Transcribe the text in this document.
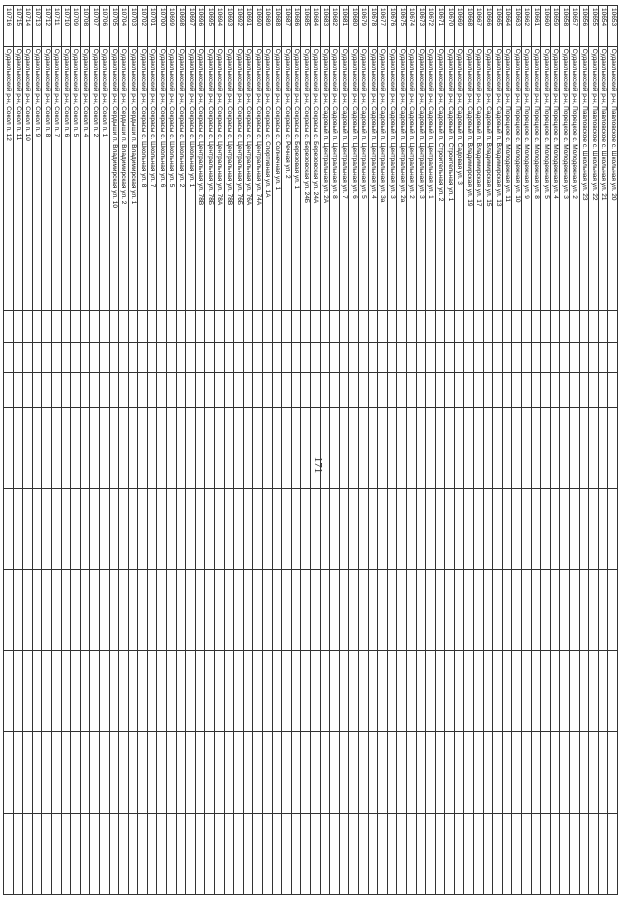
171
10653	Судаклыкский р-н, Павловское с. Школьная ул. 20									
10654	Судаклыкский р-н, Павловское с. Школьная ул. 21									
10655	Судаклыкский р-н, Павловское с. Школьная ул. 22									
10656	Судаклыкский р-н, Павловское с. Школьная ул. 23									
10657	Судаклыкский р-н, Порецкое с. Молодежная ул. 2									
10658	Судаклыкский р-н, Порецкое с. Молодежная ул. 3									
10659	Судаклыкский р-н, Порецкое с. Молодежная ул. 4									
10660	Судаклыкский р-н, Порецкое с. Молодежная ул. 5									
10661	Судаклыкский р-н, Порецкое с. Молодежная ул. 8									
10662	Судаклыкский р-н, Порецкое с. Молодежная ул. 9									
10663	Судаклыкский р-н, Порецкое с. Молодежная ул. 10									
10664	Судаклыкский р-н, Порецкое с. Молодежная ул. 11									
10665	Судаклыкский р-н, Садовый п. Владимирская ул. 13									
10666	Судаклыкский р-н, Садовый п. Владимирская ул. 15									
10667	Судаклыкский р-н, Садовый п. Владимирская ул. 17									
10668	Судаклыкский р-н, Садовый п. Владимирская ул. 19									
10669	Судаклыкский р-н, Садовый п. Садовая ул. 3									
10670	Судаклыкский р-н, Садовый п. Строительная ул. 1									
10671	Судаклыкский р-н, Садовый п. Строительная ул. 2									
10672	Судаклыкский р-н, Садовый п. Центральная ул. 1									
10673	Судаклыкский р-н, Садовый п. Центральная ул. 3									
10674	Судаклыкский р-н, Садовый п. Центральная ул. 2									
10675	Судаклыкский р-н, Садовый п. Центральная ул. 2а									
10676	Судаклыкский р-н, Садовый п. Центральная ул. 3									
10677	Судаклыкский р-н, Садовый п. Центральная ул. 3а									
10678	Судаклыкский р-н, Садовый п. Центральная ул. 4									
10679	Судаклыкский р-н, Садовый п. Центральная ул. 5									
10680	Судаклыкский р-н, Садовый п. Центральная ул. 6									
10681	Судаклыкский р-н, Садовый п. Центральная ул. 7									
10682	Судаклыкский р-н, Садовый п. Центральная ул. 8									
10683	Судаклыкский р-н, Садовый п. Центральная ул. 2А									
10684	Судаклыкский р-н, Сокрасы с. Березовская ул. 24А									
10685	Судаклыкский р-н, Сокрасы с. Березовская ул. 24Б									
10686	Судаклыкский р-н, Сокрасы с. Березовая ул. 1									
10687	Судаклыкский р-н, Сокрасы с. Речная ул. 2									
10688	Судаклыкский р-н, Сокрасы с. Солнечная ул. 1									
10689	Судаклыкский р-н, Сокрасы с. Спортивная ул. 1А									
10690	Судаклыкский р-н, Сокрасы с. Центральная ул. 74А									
10691	Судаклыкский р-н, Сокрасы с. Центральная ул. 76А									
10692	Судаклыкский р-н, Сокрасы с. Центральная ул. 76Б									
10693	Судаклыкский р-н, Сокрасы с. Центральная ул. 78В									
10694	Судаклыкский р-н, Сокрасы с. Центральная ул. 78А									
10695	Судаклыкский р-н, Сокрасы с. Центральная ул. 78Б									
10696	Судаклыкский р-н, Сокрасы с. Центральная ул. 78В									
10697	Судаклыкский р-н, Сокрасы с. Школьная ул. 1									
10698	Судаклыкский р-н, Сокрасы с. Школьная ул. 2									
10699	Судаклыкский р-н, Сокрасы с. Школьная ул. 5									
10700	Судаклыкский р-н, Сокрасы с. Школьная ул. 6									
10701	Судаклыкский р-н, Сокрасы с. Школьная ул. 7									
10702	Судаклыкский р-н, Сокрасы с. Школьная ул. 8									
10703	Судаклыкский р-н, Сердыши п. Владимирская ул. 1									
10704	Судаклыкский р-н, Сердыши п. Владимирская ул. 2									
10705	Судаклыкский р-н, Сердыши п. Владимирская ул. 10									
10706	Судаклыкский р-н, Сокол п. 1									
10707	Судаклыкский р-н, Сокол п. 2									
10708	Судаклыкский р-н, Сокол п. 4									
10709	Судаклыкский р-н, Сокол п. 5									
10710	Судаклыкский р-н, Сокол п. 6									
10711	Судаклыкский р-н, Сокол п. 7									
10712	Судаклыкский р-н, Сокол п. 8									
10713	Судаклыкский р-н, Сокол п. 9									
10714	Судаклыкский р-н, Сокол п. 10									
10715	Судаклыкский р-н, Сокол п. 11									
10716	Судаклыкский р-н, Сокол п. 12									
